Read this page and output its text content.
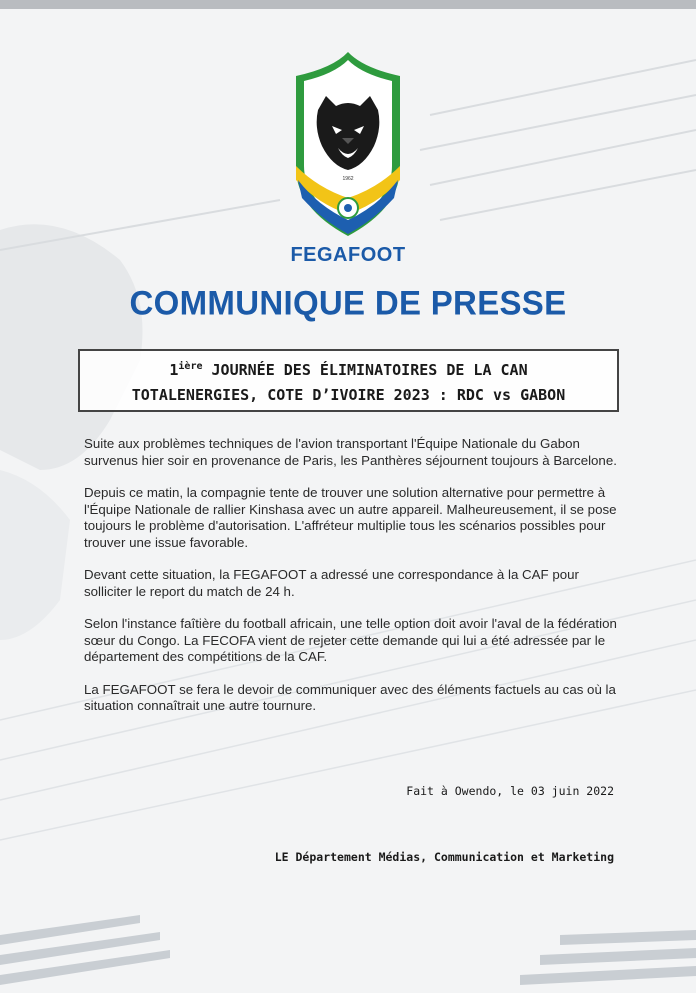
1962
FEGAFOOT
COMMUNIQUE DE PRESSE
$1^{ière}$ JOURNÉE DES ÉLIMINATOIRES DE LA CAN
TOTALENERGIES, COTE D’IVOIRE 2023 : RDC vs GABON

Suite aux problèmes techniques de l'avion transportant l'Équipe Nationale du Gabon survenus hier soir en provenance de Paris, les Panthères séjournent toujours à Barcelone.

Depuis ce matin, la compagnie tente de trouver une solution alternative pour permettre à l'Équipe Nationale de rallier Kinshasa avec un autre appareil. Malheureusement, il se pose toujours le problème d'autorisation. L'affréteur multiplie tous les scénarios possibles pour trouver une issue favorable.

Devant cette situation, la FEGAFOOT a adressé une correspondance à la CAF pour solliciter le report du match de 24 h.

Selon l'instance faîtière du football africain, une telle option doit avoir l'aval de la fédération sœur du Congo. La FECOFA vient de rejeter cette demande qui lui a été adressée par le département des compétitions de la CAF.

La FEGAFOOT se fera le devoir de communiquer avec des éléments factuels au cas où la situation connaîtrait une autre tournure.

Fait à Owendo, le 03 juin 2022
LE Département Médias, Communication et Marketing
